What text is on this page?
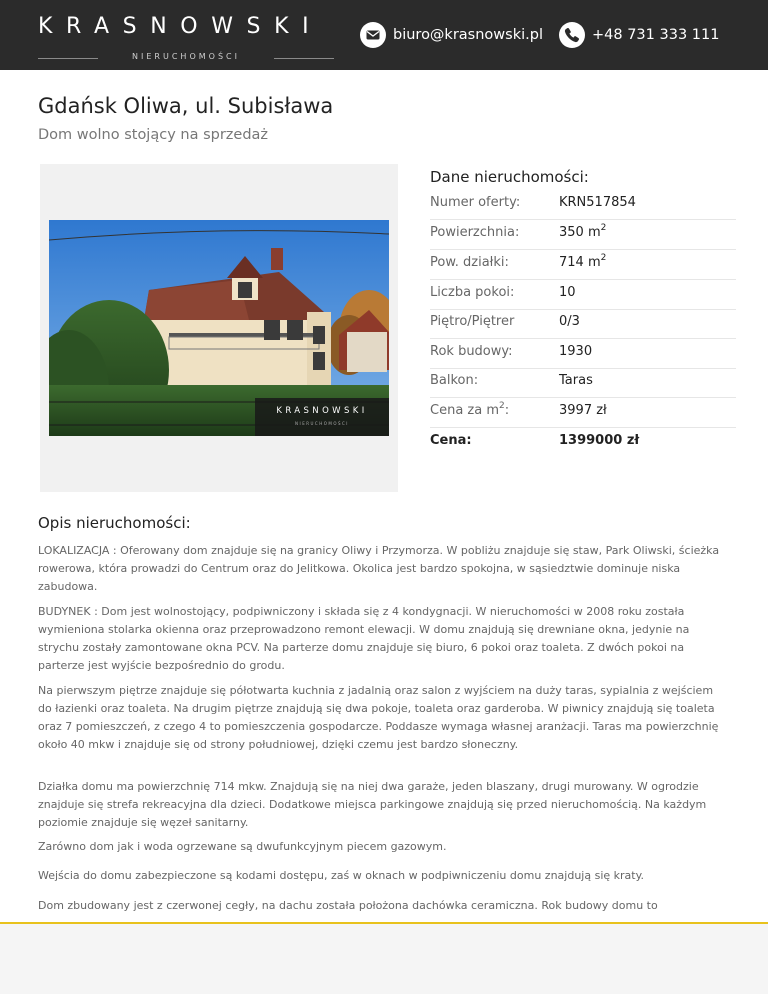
KRASNOWSKI
NIERUCHOMOŚCI
biuro@krasnowski.pl	+48 731 333 111
Gdańsk Oliwa, ul. Subisława
Dom wolno stojący na sprzedaż
KRASNOWSKI
NIERUCHOMOŚCI
Dane nieruchomości:
Numer oferty:	KRN517854
Powierzchnia:	350 $m^2$
Pow. działki:	714 $m^2$
Liczba pokoi:	10
Piętro/Piętrer	0/3
Rok budowy:	1930
Balkon:	Taras
Cena za $m^2$:	3997 zł
Cena:	1399000 zł
Opis nieruchomości:

LOKALIZACJA : Oferowany dom znajduje się na granicy Oliwy i Przymorza. W pobliżu znajduje się staw, Park Oliwski, ścieżka rowerowa, która prowadzi do Centrum oraz do Jelitkowa. Okolica jest bardzo spokojna, w sąsiedztwie dominuje niska zabudowa.

BUDYNEK : Dom jest wolnostojący, podpiwniczony i składa się z 4 kondygnacji. W nieruchomości w 2008 roku została wymieniona stolarka okienna oraz przeprowadzono remont elewacji. W domu znajdują się drewniane okna, jedynie na strychu zostały zamontowane okna PCV. Na parterze domu znajduje się biuro, 6 pokoi oraz toaleta. Z dwóch pokoi na parterze jest wyjście bezpośrednio do grodu.

Na pierwszym piętrze znajduje się półotwarta kuchnia z jadalnią oraz salon z wyjściem na duży taras, sypialnia z wejściem do łazienki oraz toaleta. Na drugim piętrze znajdują się dwa pokoje, toaleta oraz garderoba. W piwnicy znajdują się toaleta oraz 7 pomieszczeń, z czego 4 to pomieszczenia gospodarcze. Poddasze wymaga własnej aranżacji. Taras ma powierzchnię około 40 mkw i znajduje się od strony południowej, dzięki czemu jest bardzo słoneczny.

Działka domu ma powierzchnię 714 mkw. Znajdują się na niej dwa garaże, jeden blaszany, drugi murowany. W ogrodzie znajduje się strefa rekreacyjna dla dzieci. Dodatkowe miejsca parkingowe znajdują się przed nieruchomością. Na każdym poziomie znajduje się węzeł sanitarny.

Zarówno dom jak i woda ogrzewane są dwufunkcyjnym piecem gazowym.

Wejścia do domu zabezpieczone są kodami dostępu, zaś w oknach w podpiwniczeniu domu znajdują się kraty.

Dom zbudowany jest z czerwonej cegły, na dachu została położona dachówka ceramiczna. Rok budowy domu to
